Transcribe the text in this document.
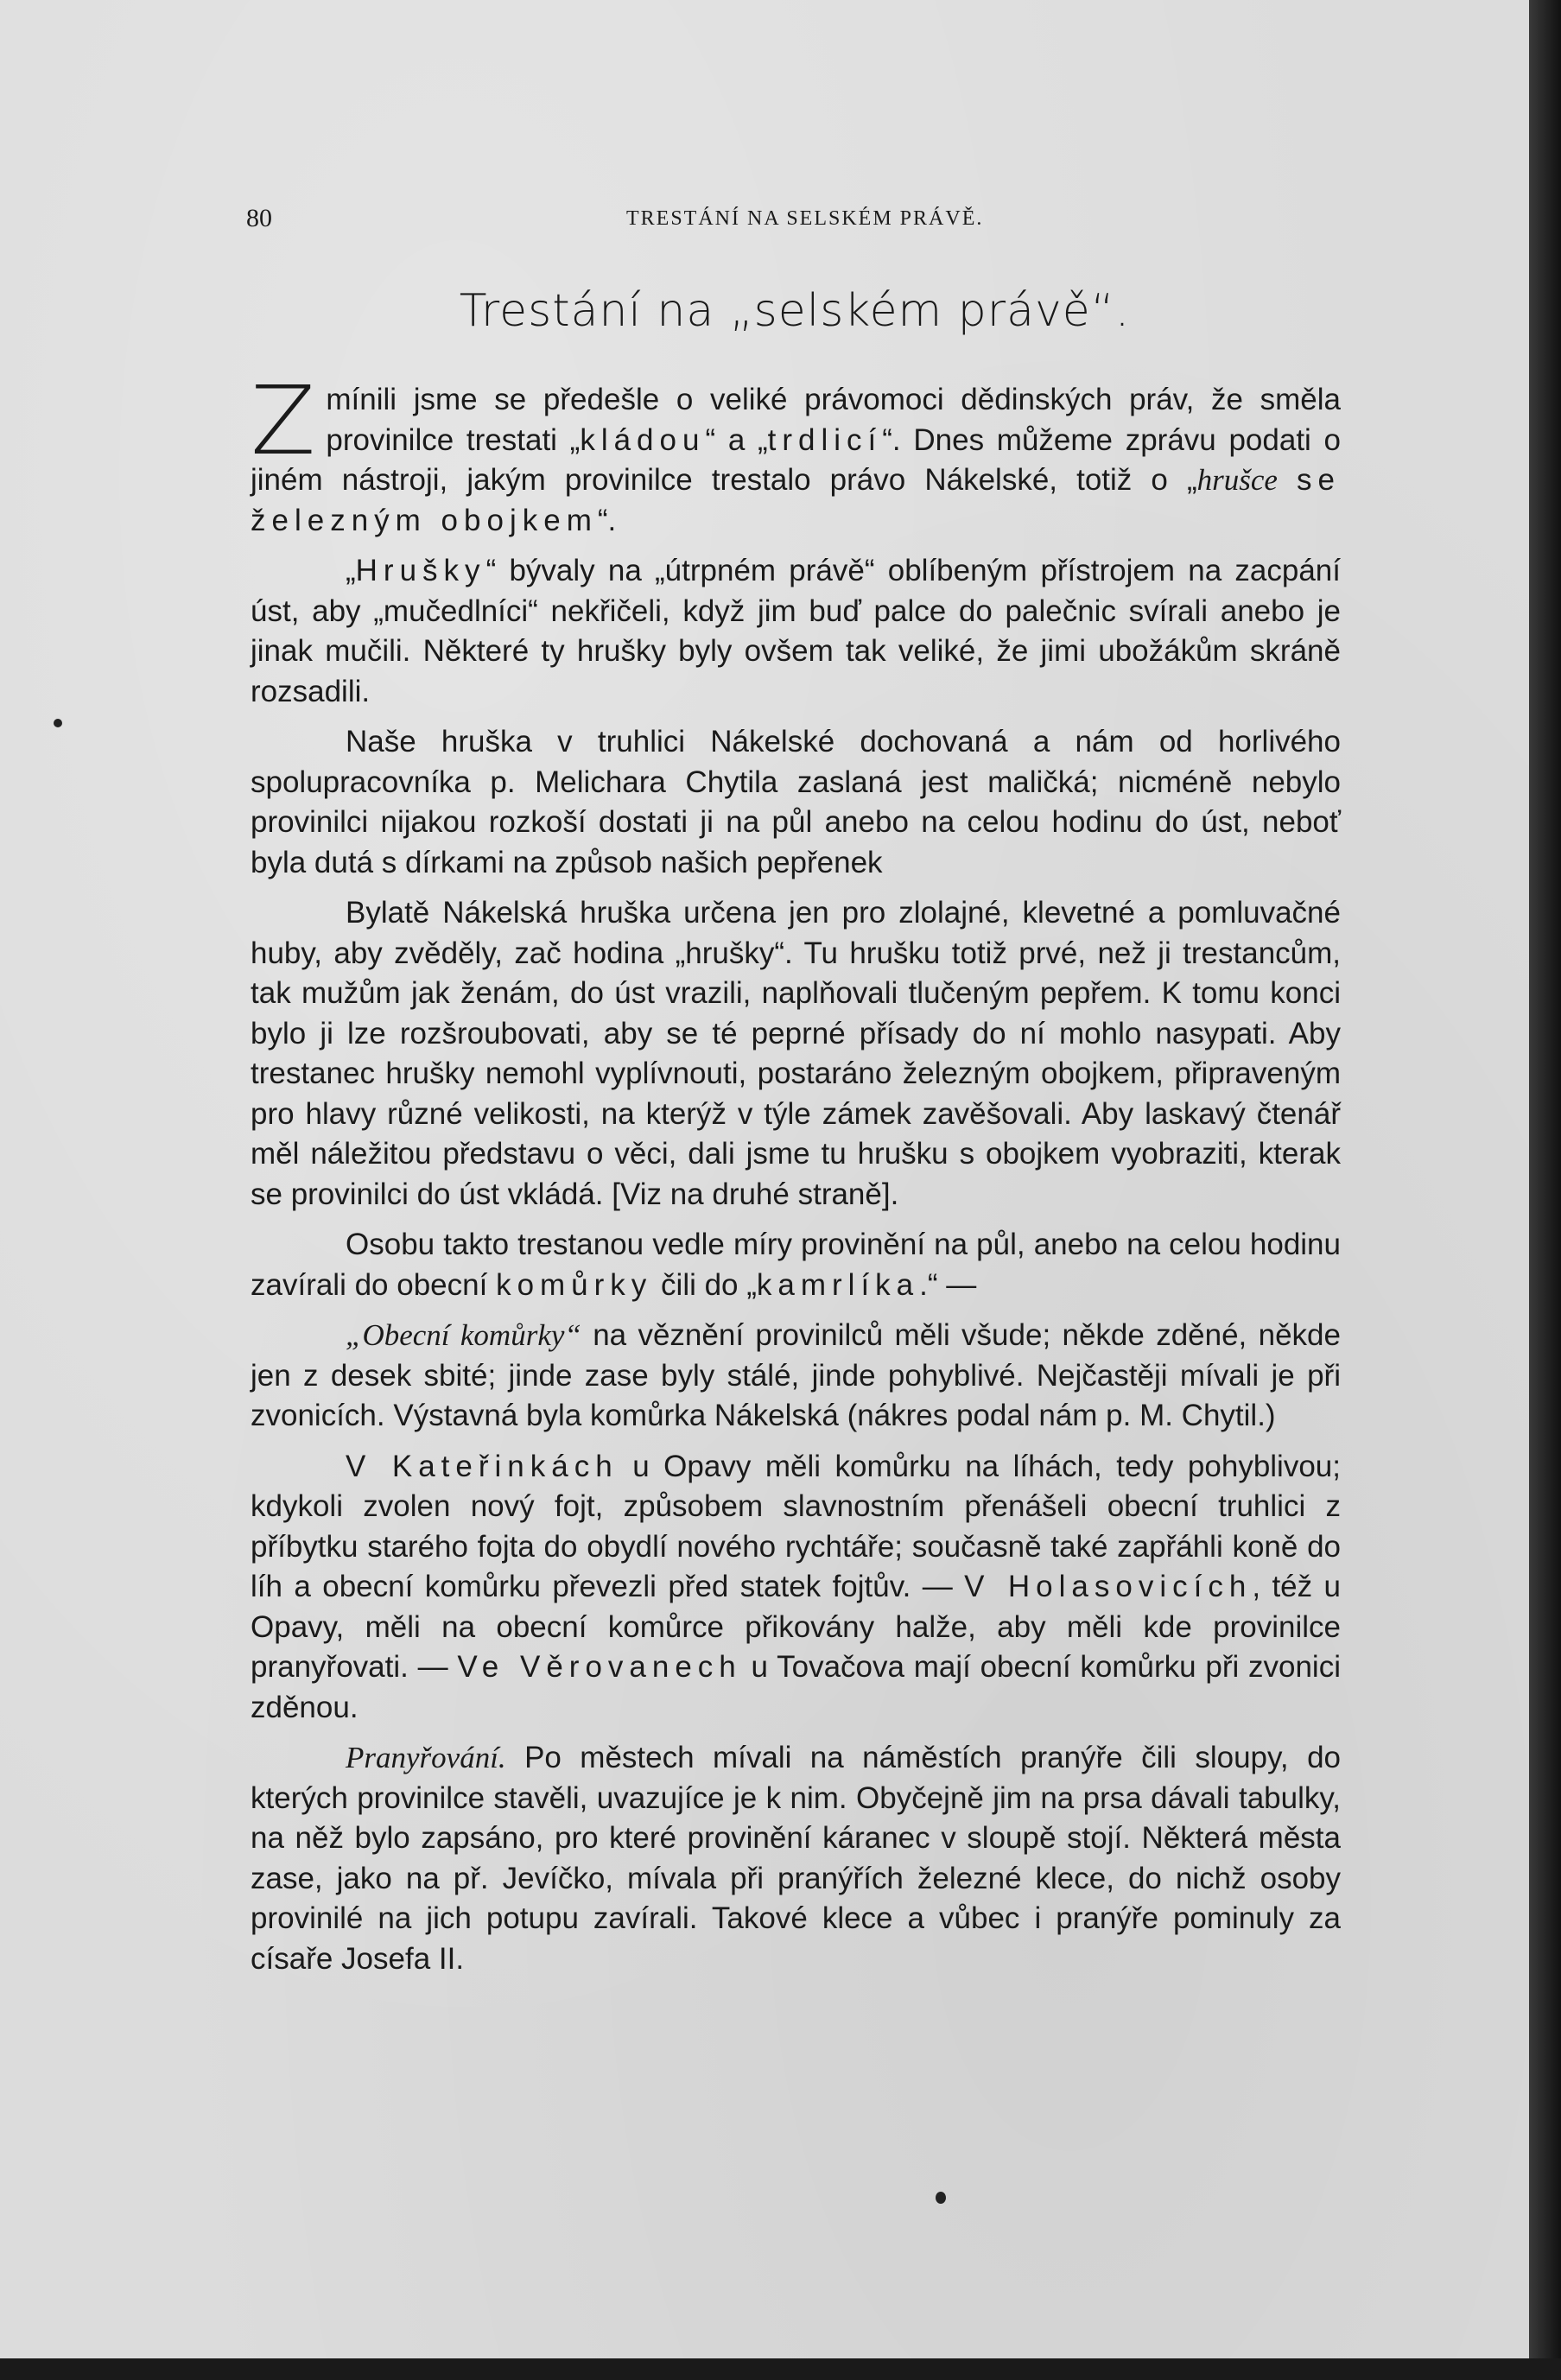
80	TRESTÁNÍ NA SELSKÉM PRÁVĚ.
Trestání na „selském právě“.

Zmínili jsme se předešle o veliké právomoci dědinských práv, že směla provinilce trestati „kládou“ a „trdlicí“. Dnes můžeme zprávu podati o jiném nástroji, jakým provinilce trestalo právo Nákelské, totiž o „hrušce se železným obojkem“.

„Hrušky“ bývaly na „útrpném právě“ oblíbeným přístrojem na zacpání úst, aby „mučedlníci“ nekřičeli, když jim buď palce do palečnic svírali anebo je jinak mučili. Některé ty hrušky byly ovšem tak veliké, že jimi ubožákům skráně rozsadili.

Naše hruška v truhlici Nákelské dochovaná a nám od horlivého spolupracovníka p. Melichara Chytila zaslaná jest maličká; nicméně nebylo provinilci nijakou rozkoší dostati ji na půl anebo na celou hodinu do úst, neboť byla dutá s dírkami na způsob našich pepřenek

Bylatě Nákelská hruška určena jen pro zlolajné, klevetné a pomluvačné huby, aby zvěděly, zač hodina „hrušky“. Tu hrušku totiž prvé, než ji trestancům, tak mužům jak ženám, do úst vrazili, naplňovali tlučeným pepřem. K tomu konci bylo ji lze rozšroubovati, aby se té peprné přísady do ní mohlo nasypati. Aby trestanec hrušky nemohl vyplívnouti, postaráno železným obojkem, připraveným pro hlavy různé velikosti, na kterýž v týle zámek zavěšovali. Aby laskavý čtenář měl náležitou představu o věci, dali jsme tu hrušku s obojkem vyobraziti, kterak se provinilci do úst vkládá. [Viz na druhé straně].

Osobu takto trestanou vedle míry provinění na půl, anebo na celou hodinu zavírali do obecní komůrky čili do „kamrlíka.“ —

„Obecní komůrky“ na věznění provinilců měli všude; někde zděné, někde jen z desek sbité; jinde zase byly stálé, jinde pohyblivé. Nejčastěji mívali je při zvonicích. Výstavná byla komůrka Nákelská (nákres podal nám p. M. Chytil.)

V Kateřinkách u Opavy měli komůrku na líhách, tedy pohyblivou; kdykoli zvolen nový fojt, způsobem slavnostním přenášeli obecní truhlici z příbytku starého fojta do obydlí nového rychtáře; současně také zapřáhli koně do líh a obecní komůrku převezli před statek fojtův. — V Holasovicích, též u Opavy, měli na obecní komůrce přikovány halže, aby měli kde provinilce pranyřovati. — Ve Věrovanech u Tovačova mají obecní komůrku při zvonici zděnou.

Pranyřování. Po městech mívali na náměstích pranýře čili sloupy, do kterých provinilce stavěli, uvazujíce je k nim. Obyčejně jim na prsa dávali tabulky, na něž bylo zapsáno, pro které provinění káranec v sloupě stojí. Některá města zase, jako na př. Jevíčko, mívala při pranýřích železné klece, do nichž osoby provinilé na jich potupu zavírali. Takové klece a vůbec i pranýře pominuly za císaře Josefa II.
